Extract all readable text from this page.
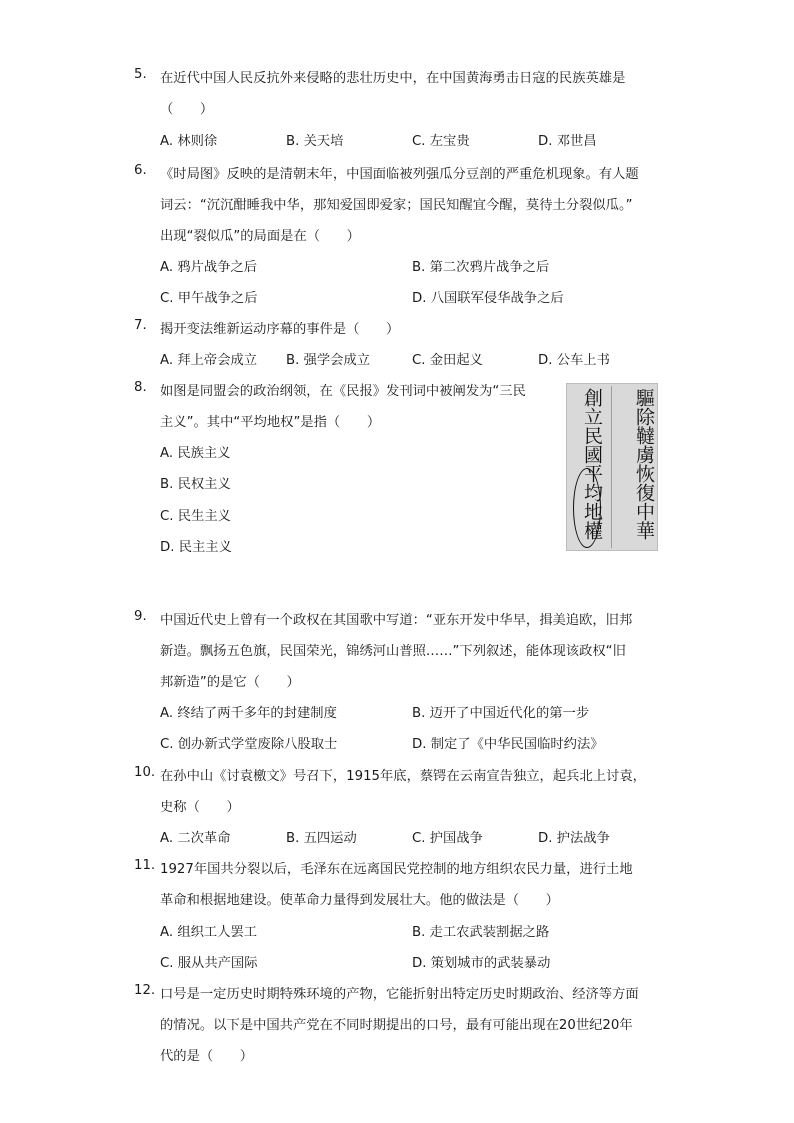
5.	在近代中国人民反抗外来侵略的悲壮历史中，在中国黄海勇击日寇的民族英雄是
（　　）
A. 林则徐	B. 关天培	C. 左宝贵	D. 邓世昌
6.	《时局图》反映的是清朝末年，中国面临被列强瓜分豆剖的严重危机现象。有人题
词云：“沉沉酣睡我中华，那知爱国即爱家；国民知醒宜今醒，莫待土分裂似瓜。”
出现“裂似瓜”的局面是在（　　）
A. 鸦片战争之后	B. 第二次鸦片战争之后
C. 甲午战争之后	D. 八国联军侵华战争之后
7.	揭开变法维新运动序幕的事件是（　　）
A. 拜上帝会成立 B. 强学会成立	C. 金田起义	D. 公车上书
8.	如图是同盟会的政治纲领，在《民报》发刊词中被阐发为“三民
主义”。其中“平均地权”是指（　　）
A. 民族主义
B. 民权主义
C. 民生主义
D. 民主主义
驅除韃虜恢復中華
創立民國平均地權
9.	中国近代史上曾有一个政权在其国歌中写道：“亚东开发中华早，揖美追欧，旧邦
新造。飘扬五色旗，民国荣光，锦绣河山普照……”下列叙述，能体现该政权“旧
邦新造”的是它（　　）
A. 终结了两千多年的封建制度	B. 迈开了中国近代化的第一步
C. 创办新式学堂废除八股取士	D. 制定了《中华民国临时约法》
10. 在孙中山《讨袁檄文》号召下，1915年底，蔡锷在云南宣告独立，起兵北上讨袁，
史称（　　）
A. 二次革命	B. 五四运动	C. 护国战争	D. 护法战争
11. 1927年国共分裂以后，毛泽东在远离国民党控制的地方组织农民力量，进行土地
革命和根据地建设。使革命力量得到发展壮大。他的做法是（　　）
A. 组织工人罢工	B. 走工农武装割据之路
C. 服从共产国际	D. 策划城市的武装暴动
12. 口号是一定历史时期特殊环境的产物，它能折射出特定历史时期政治、经济等方面
的情况。以下是中国共产党在不同时期提出的口号，最有可能出现在20世纪20年
代的是（　　）
